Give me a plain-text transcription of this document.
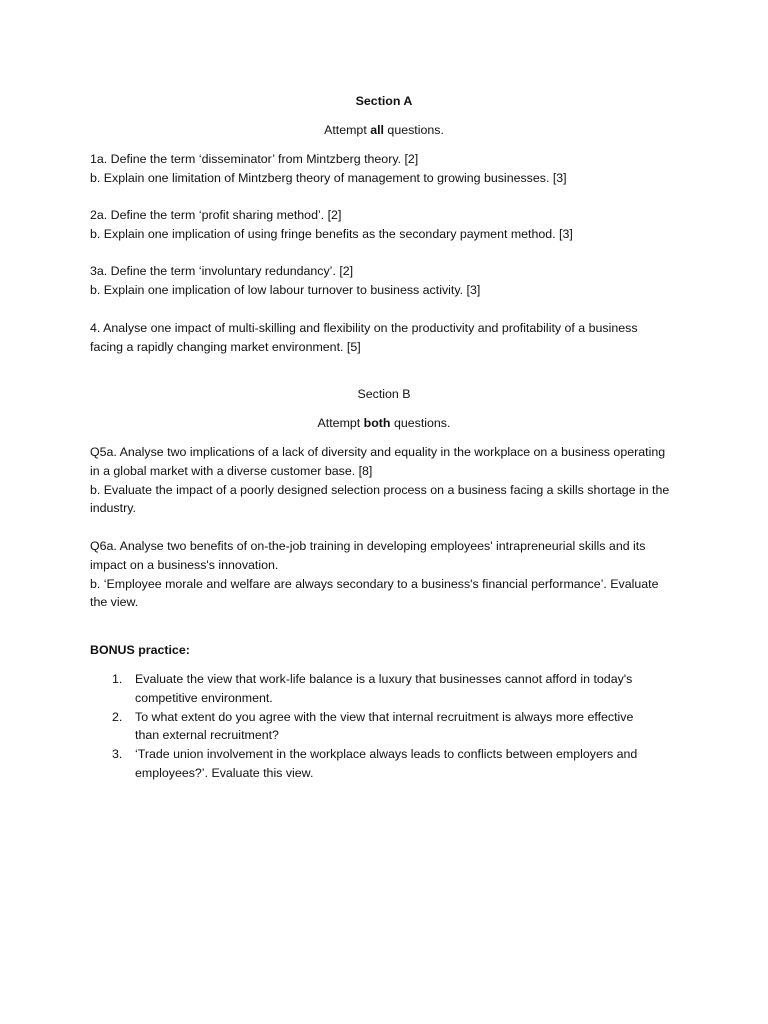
Section A
Attempt all questions.
1a. Define the term ‘disseminator’ from Mintzberg theory. [2]
b. Explain one limitation of Mintzberg theory of management to growing businesses. [3]
2a. Define the term ‘profit sharing method’. [2]
b. Explain one implication of using fringe benefits as the secondary payment method. [3]
3a. Define the term ‘involuntary redundancy’. [2]
b. Explain one implication of low labour turnover to business activity. [3]
4. Analyse one impact of multi-skilling and flexibility on the productivity and profitability of a business
facing a rapidly changing market environment. [5]
Section B
Attempt both questions.
Q5a. Analyse two implications of a lack of diversity and equality in the workplace on a business operating
in a global market with a diverse customer base. [8]
b. Evaluate the impact of a poorly designed selection process on a business facing a skills shortage in the
industry.
Q6a. Analyse two benefits of on-the-job training in developing employees' intrapreneurial skills and its
impact on a business's innovation.
b. ‘Employee morale and welfare are always secondary to a business's financial performance’. Evaluate
the view.
BONUS practice:
1. Evaluate the view that work-life balance is a luxury that businesses cannot afford in today's
competitive environment.
2. To what extent do you agree with the view that internal recruitment is always more effective
than external recruitment?
3. ‘Trade union involvement in the workplace always leads to conflicts between employers and
employees?’. Evaluate this view.
